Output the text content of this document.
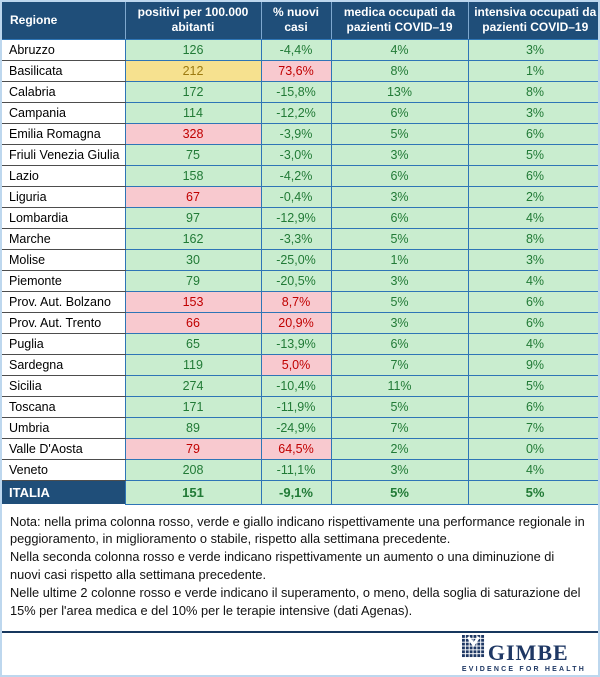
Regione	positivi per 100.000 abitanti	% nuovi casi	medica occupati da pazienti COVID–19	intensiva occupati da pazienti COVID–19
Abruzzo	126	-4,4%	4%	3%
Basilicata	212	73,6%	8%	1%
Calabria	172	-15,8%	13%	8%
Campania	114	-12,2%	6%	3%
Emilia Romagna	328	-3,9%	5%	6%
Friuli Venezia Giulia	75	-3,0%	3%	5%
Lazio	158	-4,2%	6%	6%
Liguria	67	-0,4%	3%	2%
Lombardia	97	-12,9%	6%	4%
Marche	162	-3,3%	5%	8%
Molise	30	-25,0%	1%	3%
Piemonte	79	-20,5%	3%	4%
Prov. Aut. Bolzano	153	8,7%	5%	6%
Prov. Aut. Trento	66	20,9%	3%	6%
Puglia	65	-13,9%	6%	4%
Sardegna	119	5,0%	7%	9%
Sicilia	274	-10,4%	11%	5%
Toscana	171	-11,9%	5%	6%
Umbria	89	-24,9%	7%	7%
Valle D'Aosta	79	64,5%	2%	0%
Veneto	208	-11,1%	3%	4%
ITALIA	151	-9,1%	5%	5%

Nota: nella prima colonna rosso, verde e giallo indicano rispettivamente una performance regionale in peggioramento, in miglioramento o stabile, rispetto alla settimana precedente.

Nella seconda colonna rosso e verde indicano rispettivamente un aumento o una diminuzione di nuovi casi rispetto alla settimana precedente.

Nelle ultime 2 colonne rosso e verde indicano il superamento, o meno, della soglia di saturazione del 15% per l'area medica e del 10% per le terapie intensive (dati Agenas).

GIMBE
EVIDENCE FOR HEALTH
